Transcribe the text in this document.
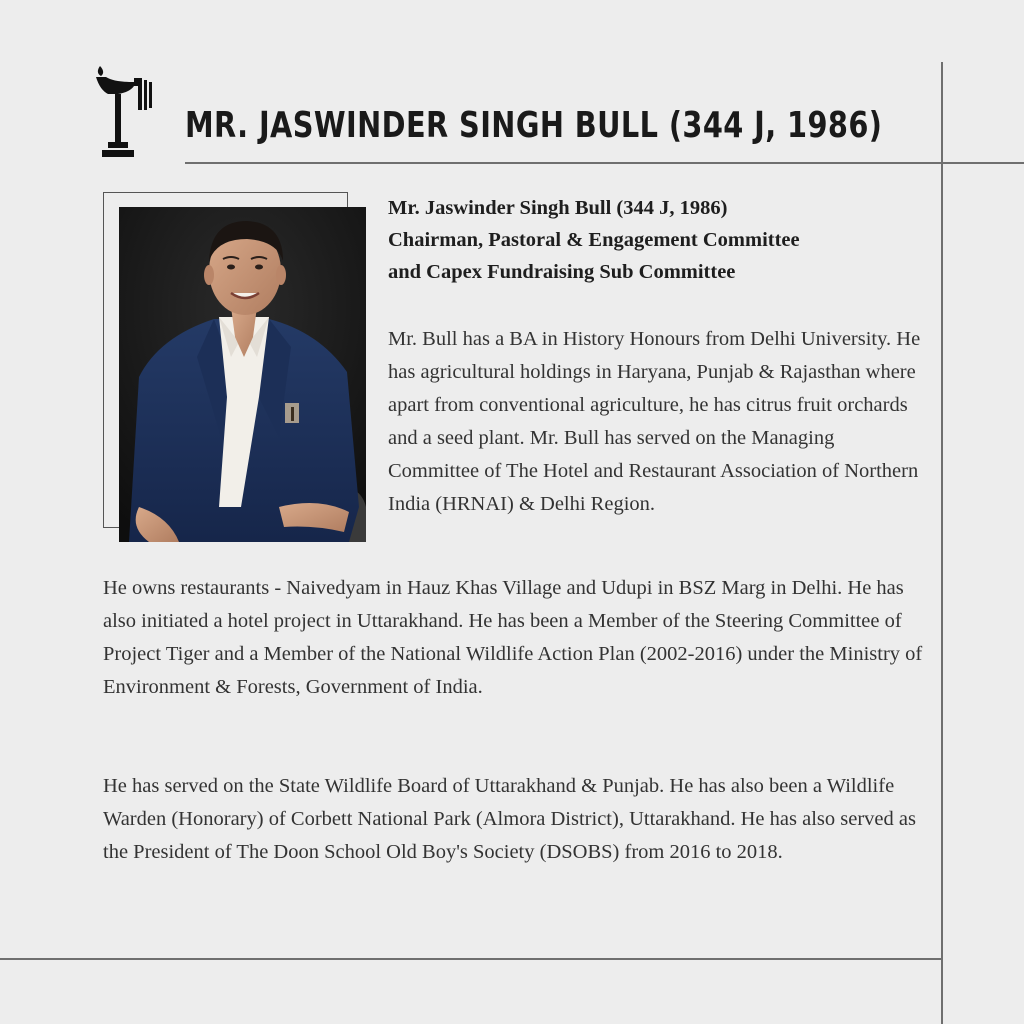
MR. JASWINDER SINGH BULL (344 J, 1986)
Mr. Jaswinder Singh Bull (344 J, 1986)
Chairman, Pastoral & Engagement Committee
and Capex Fundraising Sub Committee

Mr. Bull has a BA in History Honours from Delhi University. He has agricultural holdings in Haryana, Punjab & Rajasthan where apart from conventional agriculture, he has citrus fruit orchards and a seed plant. Mr. Bull has served on the Managing Committee of The Hotel and Restaurant Association of Northern India (HRNAI) & Delhi Region.

He owns restaurants - Naivedyam in Hauz Khas Village and Udupi in BSZ Marg in Delhi. He has also initiated a hotel project in Uttarakhand. He has been a Member of the Steering Committee of Project Tiger and a Member of the National Wildlife Action Plan (2002-2016) under the Ministry of Environment & Forests, Government of India.

He has served on the State Wildlife Board of Uttarakhand & Punjab. He has also been a Wildlife Warden (Honorary) of Corbett National Park (Almora District), Uttarakhand. He has also served as the President of The Doon School Old Boy's Society (DSOBS) from 2016 to 2018.
